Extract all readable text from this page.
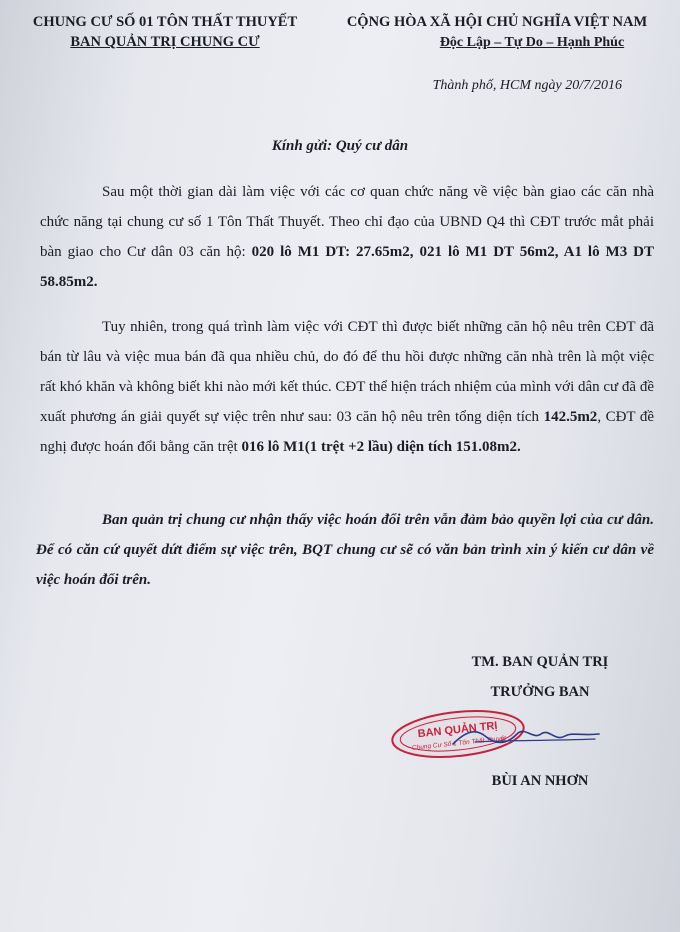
CHUNG CƯ SỐ 01 TÔN THẤT THUYẾT
BAN QUẢN TRỊ CHUNG CƯ
CỘNG HÒA XÃ HỘI CHỦ NGHĨA VIỆT NAM
Độc Lập – Tự Do – Hạnh Phúc
Thành phố, HCM ngày 20/7/2016
Kính gửi: Quý cư dân
Sau một thời gian dài làm việc với các cơ quan chức năng về việc bàn giao các căn nhà chức năng tại chung cư số 1 Tôn Thất Thuyết. Theo chỉ đạo của UBND Q4 thì CĐT trước mắt phải bàn giao cho Cư dân 03 căn hộ: 020 lô M1 DT: 27.65m2, 021 lô M1 DT 56m2, A1 lô M3 DT 58.85m2.
Tuy nhiên, trong quá trình làm việc với CĐT thì được biết những căn hộ nêu trên CĐT đã bán từ lâu và việc mua bán đã qua nhiều chủ, do đó để thu hồi được những căn nhà trên là một việc rất khó khăn và không biết khi nào mới kết thúc. CĐT thể hiện trách nhiệm của mình với dân cư đã đề xuất phương án giải quyết sự việc trên như sau: 03 căn hộ nêu trên tổng diện tích 142.5m2, CĐT đề nghị được hoán đổi bằng căn trệt 016 lô M1(1 trệt +2 lầu) diện tích 151.08m2.
Ban quản trị chung cư nhận thấy việc hoán đổi trên vẫn đảm bảo quyền lợi của cư dân. Để có căn cứ quyết dứt điểm sự việc trên, BQT chung cư sẽ có văn bản trình xin ý kiến cư dân về việc hoán đổi trên.
TM. BAN QUẢN TRỊ
TRƯỞNG BAN
BAN QUẢN TRỊ
Chung Cư Số 1 Tôn Thất Thuyết
BÙI AN NHƠN
